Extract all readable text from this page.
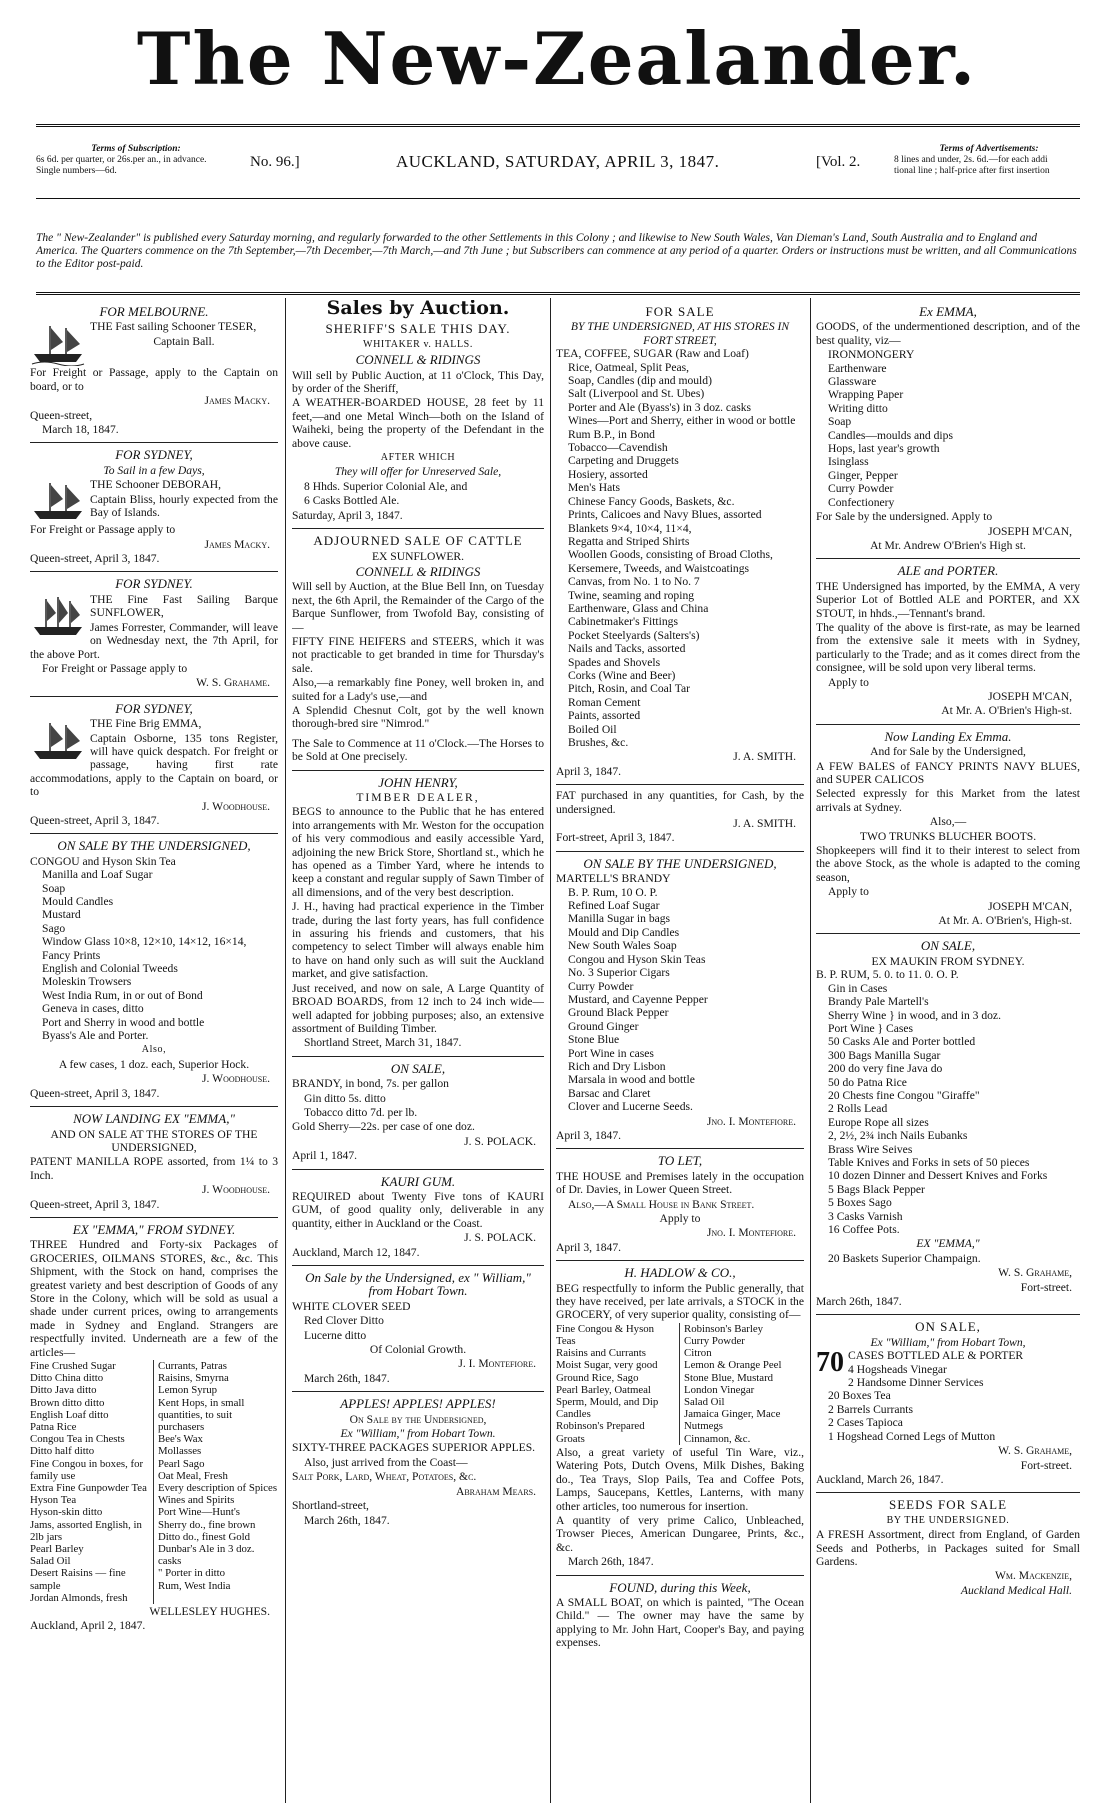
The New-Zealander.
Terms of Subscription:
6s 6d. per quarter, or 26s.per an., in advance.
Single numbers—6d.
No. 96.]	AUCKLAND, SATURDAY, APRIL 3, 1847.	[Vol. 2.
Terms of Advertisements:
8 lines and under, 2s. 6d.—for each addi
tional line ; half-price after first insertion
The " New-Zealander" is published every Saturday morning, and regularly forwarded to the other Settlements in this Colony ; and likewise to New South Wales, Van Dieman's Land, South Australia and to England and America. The Quarters commence on the 7th September,—7th December,—7th March,—and 7th June ; but Subscribers can commence at any period of a quarter. Orders or instructions must be written, and all Communications to the Editor post-paid.
FOR MELBOURNE.

THE Fast sailing Schooner TESER,

Captain Ball.

For Freight or Passage, apply to the Captain on board, or to

James Macky.

Queen-street,

March 18, 1847.

FOR SYDNEY,
To Sail in a few Days,

THE Schooner DEBORAH,

Captain Bliss, hourly expected from the Bay of Islands.

For Freight or Passage apply to

James Macky.

Queen-street, April 3, 1847.

FOR SYDNEY.

THE Fine Fast Sailing Barque SUNFLOWER,

James Forrester, Commander, will leave on Wednesday next, the 7th April, for the above Port.

For Freight or Passage apply to

W. S. Grahame.

FOR SYDNEY,

THE Fine Brig EMMA,

Captain Osborne, 135 tons Register, will have quick despatch. For freight or passage, having first rate accommodations, apply to the Captain on board, or to

J. Woodhouse.

Queen-street, April 3, 1847.

ON SALE BY THE UNDERSIGNED,
CONGOU and Hyson Skin Tea
Manilla and Loaf Sugar
Soap
Mould Candles
Mustard
Sago
Window Glass 10×8, 12×10, 14×12, 16×14,
Fancy Prints
English and Colonial Tweeds
Moleskin Trowsers
West India Rum, in or out of Bond
Geneva in cases, ditto
Port and Sherry in wood and bottle
Byass's Ale and Porter.

Also,

A few cases, 1 doz. each, Superior Hock.

J. Woodhouse.

Queen-street, April 3, 1847.

NOW LANDING EX "EMMA,"
AND ON SALE AT THE STORES OF THE UNDERSIGNED,

PATENT MANILLA ROPE assorted, from 1¼ to 3 Inch.

J. Woodhouse.

Queen-street, April 3, 1847.

EX "EMMA," FROM SYDNEY.

THREE Hundred and Forty-six Packages of GROCERIES, OILMANS STORES, &c., &c. This Shipment, with the Stock on hand, comprises the greatest variety and best description of Goods of any Store in the Colony, which will be sold as usual a shade under current prices, owing to arrangements made in Sydney and England. Strangers are respectfully invited. Underneath are a few of the articles—

Fine Crushed Sugar
Ditto China ditto
Ditto Java ditto
Brown ditto ditto
English Loaf ditto
Patna Rice
Congou Tea in Chests
Ditto half ditto
Fine Congou in boxes, for family use
Extra Fine Gunpowder Tea
Hyson Tea
Hyson-skin ditto
Jams, assorted English, in 2lb jars
Pearl Barley
Salad Oil
Desert Raisins — fine sample
Jordan Almonds, fresh
Currants, Patras
Raisins, Smyrna
Lemon Syrup
Kent Hops, in small quantities, to suit purchasers
Bee's Wax
Mollasses
Pearl Sago
Oat Meal, Fresh
Every description of Spices
Wines and Spirits
Port Wine—Hunt's
Sherry do., fine brown
Ditto do., finest Gold
Dunbar's Ale in 3 doz. casks
" Porter in ditto
Rum, West India

WELLESLEY HUGHES.

Auckland, April 2, 1847.

Sales by Auction.
SHERIFF'S SALE THIS DAY.

WHITAKER v. HALLS.

CONNELL & RIDINGS

Will sell by Public Auction, at 11 o'Clock, This Day, by order of the Sheriff,

A WEATHER-BOARDED HOUSE, 28 feet by 11 feet,—and one Metal Winch—both on the Island of Waiheki, being the property of the Defendant in the above cause.

AFTER WHICH

They will offer for Unreserved Sale,

8 Hhds. Superior Colonial Ale, and

6 Casks Bottled Ale.

Saturday, April 3, 1847.

ADJOURNED SALE OF CATTLE
EX SUNFLOWER.
CONNELL & RIDINGS

Will sell by Auction, at the Blue Bell Inn, on Tuesday next, the 6th April, the Remainder of the Cargo of the Barque Sunflower, from Twofold Bay, consisting of—

FIFTY FINE HEIFERS and STEERS, which it was not practicable to get branded in time for Thursday's sale.

Also,—a remarkably fine Poney, well broken in, and suited for a Lady's use,—and

A Splendid Chesnut Colt, got by the well known thorough-bred sire "Nimrod."

The Sale to Commence at 11 o'Clock.—The Horses to be Sold at One precisely.

JOHN HENRY,
TIMBER DEALER,

BEGS to announce to the Public that he has entered into arrangements with Mr. Weston for the occupation of his very commodious and easily accessible Yard, adjoining the new Brick Store, Shortland st., which he has opened as a Timber Yard, where he intends to keep a constant and regular supply of Sawn Timber of all dimensions, and of the very best description.

J. H., having had practical experience in the Timber trade, during the last forty years, has full confidence in assuring his friends and customers, that his competency to select Timber will always enable him to have on hand only such as will suit the Auckland market, and give satisfaction.

Just received, and now on sale, A Large Quantity of BROAD BOARDS, from 12 inch to 24 inch wide—well adapted for jobbing purposes; also, an extensive assortment of Building Timber.

Shortland Street, March 31, 1847.

ON SALE,

BRANDY, in bond, 7s. per gallon

Gin ditto 5s. ditto

Tobacco ditto 7d. per lb.

Gold Sherry—22s. per case of one doz.

J. S. POLACK.

April 1, 1847.

KAURI GUM.

REQUIRED about Twenty Five tons of KAURI GUM, of good quality only, deliverable in any quantity, either in Auckland or the Coast.

J. S. POLACK.

Auckland, March 12, 1847.

On Sale by the Undersigned, ex " William," from Hobart Town.

WHITE CLOVER SEED

Red Clover Ditto

Lucerne ditto

Of Colonial Growth.

J. I. Montefiore.

March 26th, 1847.

APPLES! APPLES! APPLES!

On Sale by the Undersigned,

Ex "William," from Hobart Town.

SIXTY-THREE PACKAGES SUPERIOR APPLES.

Also, just arrived from the Coast—

Salt Pork, Lard, Wheat, Potatoes, &c.

Abraham Mears.

Shortland-street,

March 26th, 1847.

FOR SALE
BY THE UNDERSIGNED, AT HIS STORES IN FORT STREET,
TEA, COFFEE, SUGAR (Raw and Loaf)
Rice, Oatmeal, Split Peas,
Soap, Candles (dip and mould)
Salt (Liverpool and St. Ubes)
Porter and Ale (Byass's) in 3 doz. casks
Wines—Port and Sherry, either in wood or bottle
Rum B.P., in Bond
Tobacco—Cavendish
Carpeting and Druggets
Hosiery, assorted
Men's Hats
Chinese Fancy Goods, Baskets, &c.
Prints, Calicoes and Navy Blues, assorted
Blankets 9×4, 10×4, 11×4,
Regatta and Striped Shirts
Woollen Goods, consisting of Broad Cloths, Kersemere, Tweeds, and Waistcoatings
Canvas, from No. 1 to No. 7
Twine, seaming and roping
Earthenware, Glass and China
Cabinetmaker's Fittings
Pocket Steelyards (Salters's)
Nails and Tacks, assorted
Spades and Shovels
Corks (Wine and Beer)
Pitch, Rosin, and Coal Tar
Roman Cement
Paints, assorted
Boiled Oil
Brushes, &c.

J. A. SMITH.

April 3, 1847.

FAT purchased in any quantities, for Cash, by the undersigned.

J. A. SMITH.

Fort-street, April 3, 1847.

ON SALE BY THE UNDERSIGNED,
MARTELL'S BRANDY
B. P. Rum, 10 O. P.
Refined Loaf Sugar
Manilla Sugar in bags
Mould and Dip Candles
New South Wales Soap
Congou and Hyson Skin Teas
No. 3 Superior Cigars
Curry Powder
Mustard, and Cayenne Pepper
Ground Black Pepper
Ground Ginger
Stone Blue
Port Wine in cases
Rich and Dry Lisbon
Marsala in wood and bottle
Barsac and Claret
Clover and Lucerne Seeds.

Jno. I. Montefiore.

April 3, 1847.

TO LET,

THE HOUSE and Premises lately in the occupation of Dr. Davies, in Lower Queen Street.

Also,—A Small House in Bank Street.

Apply to

Jno. I. Montefiore.

April 3, 1847.

H. HADLOW & CO.,

BEG respectfully to inform the Public generally, that they have received, per late arrivals, a STOCK in the GROCERY, of very superior quality, consisting of—

Fine Congou & Hyson Teas
Raisins and Currants
Moist Sugar, very good
Ground Rice, Sago
Pearl Barley, Oatmeal
Sperm, Mould, and Dip Candles
Robinson's Prepared Groats
Robinson's Barley
Curry Powder
Citron
Lemon & Orange Peel
Stone Blue, Mustard
London Vinegar
Salad Oil
Jamaica Ginger, Mace
Nutmegs
Cinnamon, &c.

Also, a great variety of useful Tin Ware, viz., Watering Pots, Dutch Ovens, Milk Dishes, Baking do., Tea Trays, Slop Pails, Tea and Coffee Pots, Lamps, Saucepans, Kettles, Lanterns, with many other articles, too numerous for insertion.

A quantity of very prime Calico, Unbleached, Trowser Pieces, American Dungaree, Prints, &c., &c.

March 26th, 1847.

FOUND, during this Week,

A SMALL BOAT, on which is painted, "The Ocean Child." — The owner may have the same by applying to Mr. John Hart, Cooper's Bay, and paying expenses.

Ex EMMA,

GOODS, of the undermentioned description, and of the best quality, viz—

IRONMONGERY
Earthenware
Glassware
Wrapping Paper
Writing ditto
Soap
Candles—moulds and dips
Hops, last year's growth
Isinglass
Ginger, Pepper
Curry Powder
Confectionery

For Sale by the undersigned. Apply to

JOSEPH M'CAN,

At Mr. Andrew O'Brien's High st.

ALE and PORTER.

THE Undersigned has imported, by the EMMA, A very Superior Lot of Bottled ALE and PORTER, and XX STOUT, in hhds.,—Tennant's brand.

The quality of the above is first-rate, as may be learned from the extensive sale it meets with in Sydney, particularly to the Trade; and as it comes direct from the consignee, will be sold upon very liberal terms.

Apply to

JOSEPH M'CAN,

At Mr. A. O'Brien's High-st.

Now Landing Ex Emma.

And for Sale by the Undersigned,

A FEW BALES of FANCY PRINTS NAVY BLUES, and SUPER CALICOS

Selected expressly for this Market from the latest arrivals at Sydney.

Also,—

TWO TRUNKS BLUCHER BOOTS.

Shopkeepers will find it to their interest to select from the above Stock, as the whole is adapted to the coming season,

Apply to

JOSEPH M'CAN,

At Mr. A. O'Brien's, High-st.

ON SALE,
EX MAUKIN FROM SYDNEY.
B. P. RUM, 5. 0. to 11. 0. O. P.
Gin in Cases
Brandy Pale Martell's
Sherry Wine } in wood, and in 3 doz.
Port Wine } Cases
50 Casks Ale and Porter bottled
300 Bags Manilla Sugar
200 do very fine Java do
50 do Patna Rice
20 Chests fine Congou "Giraffe"
2 Rolls Lead
Europe Rope all sizes
2, 2½, 2¾ inch Nails Eubanks
Brass Wire Seives
Table Knives and Forks in sets of 50 pieces
10 dozen Dinner and Dessert Knives and Forks
5 Bags Black Pepper
5 Boxes Sago
3 Casks Varnish
16 Coffee Pots.

EX "EMMA,"

20 Baskets Superior Champaign.

W. S. Grahame,

Fort-street.

March 26th, 1847.

ON SALE,
Ex "William," from Hobart Town,
70 CASES BOTTLED ALE & PORTER
4 Hogsheads Vinegar
2 Handsome Dinner Services
20 Boxes Tea
2 Barrels Currants
2 Cases Tapioca
1 Hogshead Corned Legs of Mutton

W. S. Grahame,

Fort-street.

Auckland, March 26, 1847.

SEEDS FOR SALE
BY THE UNDERSIGNED.

A FRESH Assortment, direct from England, of Garden Seeds and Potherbs, in Packages suited for Small Gardens.

Wm. Mackenzie,

Auckland Medical Hall.
